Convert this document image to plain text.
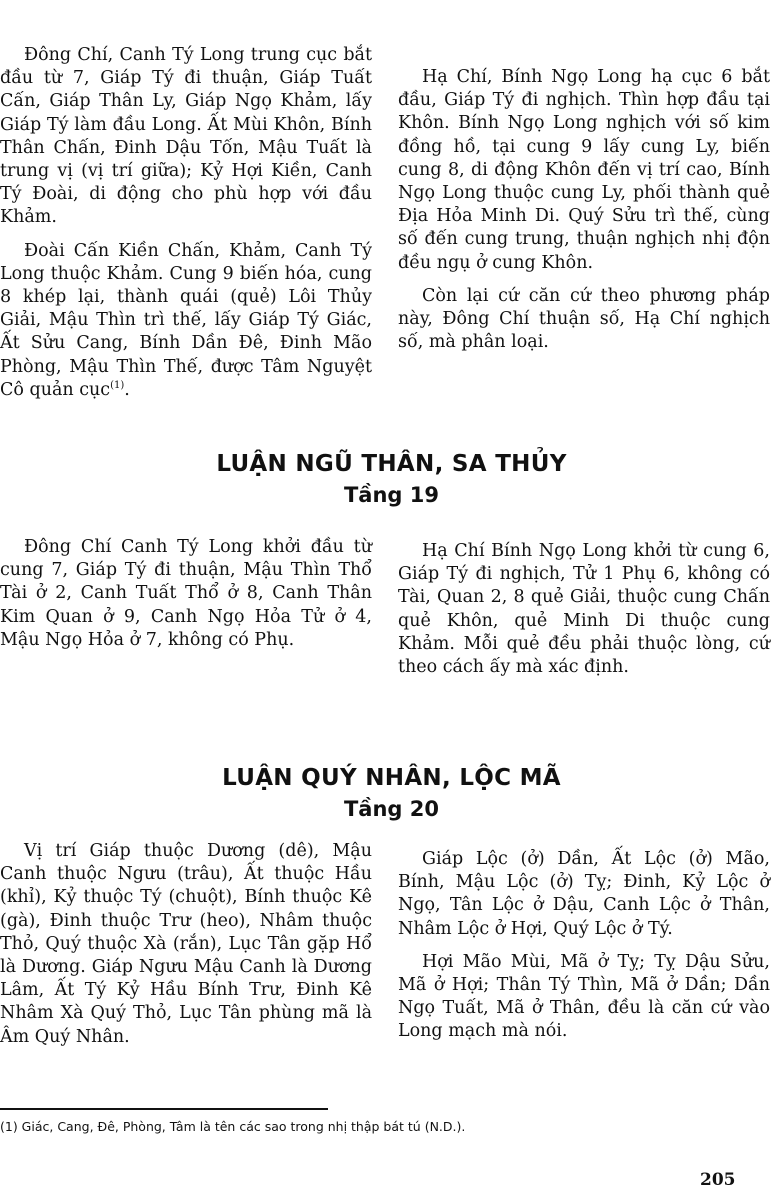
Đông Chí, Canh Tý Long trung cục bắt đầu từ 7, Giáp Tý đi thuận, Giáp Tuất Cấn, Giáp Thân Ly, Giáp Ngọ Khảm, lấy Giáp Tý làm đầu Long. Ất Mùi Khôn, Bính Thân Chấn, Đinh Dậu Tốn, Mậu Tuất là trung vị (vị trí giữa); Kỷ Hợi Kiền, Canh Tý Đoài, di động cho phù hợp với đầu Khảm.

Đoài Cấn Kiền Chấn, Khảm, Canh Tý Long thuộc Khảm. Cung 9 biến hóa, cung 8 khép lại, thành quái (quẻ) Lôi Thủy Giải, Mậu Thìn trì thế, lấy Giáp Tý Giác, Ất Sửu Cang, Bính Dần Đê, Đinh Mão Phòng, Mậu Thìn Thế, được Tâm Nguyệt Cô quản cục$^{(1)}$.

Hạ Chí, Bính Ngọ Long hạ cục 6 bắt đầu, Giáp Tý đi nghịch. Thìn hợp đầu tại Khôn. Bính Ngọ Long nghịch với số kim đồng hồ, tại cung 9 lấy cung Ly, biến cung 8, di động Khôn đến vị trí cao, Bính Ngọ Long thuộc cung Ly, phối thành quẻ Địa Hỏa Minh Di. Quý Sửu trì thế, cùng số đến cung trung, thuận nghịch nhị độn đều ngụ ở cung Khôn.

Còn lại cứ căn cứ theo phương pháp này, Đông Chí thuận số, Hạ Chí nghịch số, mà phân loại.

LUẬN NGŨ THÂN, SA THỦY
Tầng 19

Đông Chí Canh Tý Long khởi đầu từ cung 7, Giáp Tý đi thuận, Mậu Thìn Thổ Tài ở 2, Canh Tuất Thổ ở 8, Canh Thân Kim Quan ở 9, Canh Ngọ Hỏa Tử ở 4, Mậu Ngọ Hỏa ở 7, không có Phụ.

Hạ Chí Bính Ngọ Long khởi từ cung 6, Giáp Tý đi nghịch, Tử 1 Phụ 6, không có Tài, Quan 2, 8 quẻ Giải, thuộc cung Chấn quẻ Khôn, quẻ Minh Di thuộc cung Khảm. Mỗi quẻ đều phải thuộc lòng, cứ theo cách ấy mà xác định.

LUẬN QUÝ NHÂN, LỘC MÃ
Tầng 20

Vị trí Giáp thuộc Dương (dê), Mậu Canh thuộc Ngưu (trâu), Ất thuộc Hầu (khỉ), Kỷ thuộc Tý (chuột), Bính thuộc Kê (gà), Đinh thuộc Trư (heo), Nhâm thuộc Thỏ, Quý thuộc Xà (rắn), Lục Tân gặp Hổ là Dương. Giáp Ngưu Mậu Canh là Dương Lâm, Ất Tý Kỷ Hầu Bính Trư, Đinh Kê Nhâm Xà Quý Thỏ, Lục Tân phùng mã là Âm Quý Nhân.

Giáp Lộc (ở) Dần, Ất Lộc (ở) Mão, Bính, Mậu Lộc (ở) Tỵ; Đinh, Kỷ Lộc ở Ngọ, Tân Lộc ở Dậu, Canh Lộc ở Thân, Nhâm Lộc ở Hợi, Quý Lộc ở Tý.

Hợi Mão Mùi, Mã ở Tỵ; Tỵ Dậu Sửu, Mã ở Hợi; Thân Tý Thìn, Mã ở Dần; Dần Ngọ Tuất, Mã ở Thân, đều là căn cứ vào Long mạch mà nói.

(1) Giác, Cang, Đê, Phòng, Tâm là tên các sao trong nhị thập bát tú (N.D.).
205
